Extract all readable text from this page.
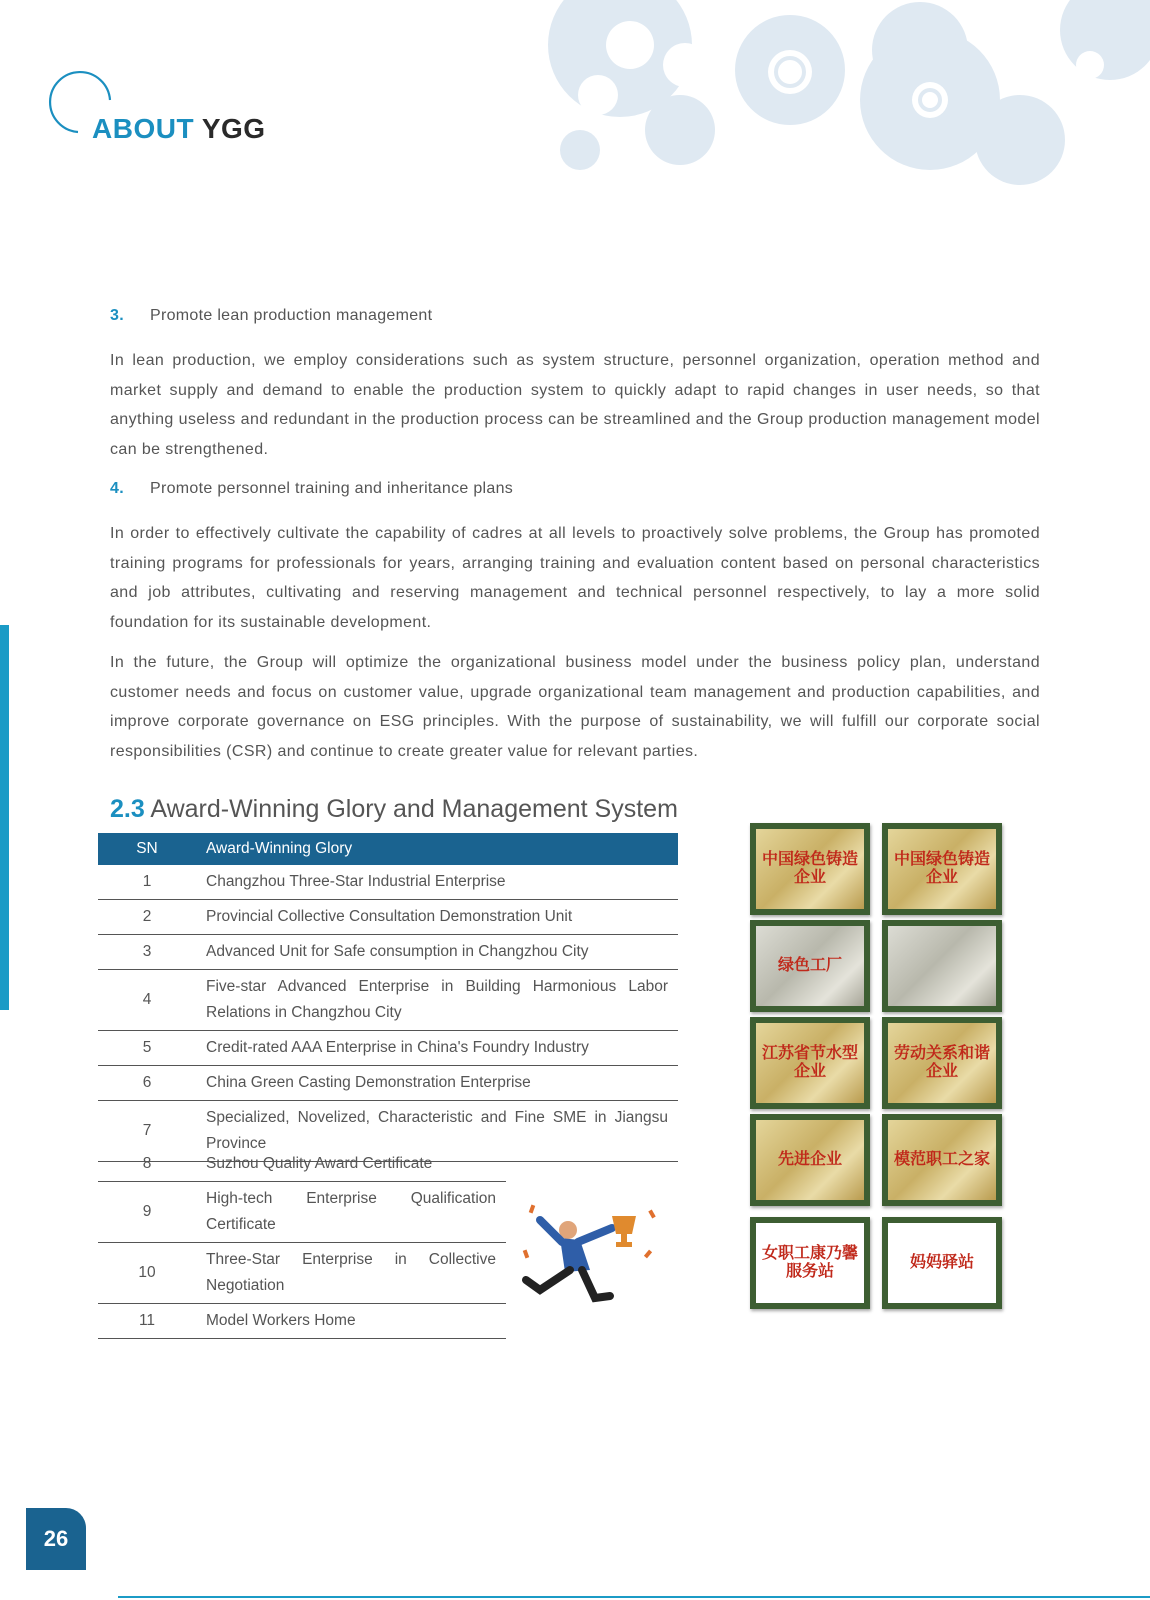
ABOUT YGG
3. Promote lean production management

In lean production, we employ considerations such as system structure, personnel organization, operation method and market supply and demand to enable the production system to quickly adapt to rapid changes in user needs, so that anything useless and redundant in the production process can be streamlined and the Group production management model can be strengthened.

4. Promote personnel training and inheritance plans

In order to effectively cultivate the capability of cadres at all levels to proactively solve problems, the Group has promoted training programs for professionals for years, arranging training and evaluation content based on personal characteristics and job attributes, cultivating and reserving management and technical personnel respectively, to lay a more solid foundation for its sustainable development.

In the future, the Group will optimize the organizational business model under the business policy plan, understand customer needs and focus on customer value, upgrade organizational team management and production capabilities, and improve corporate governance on ESG principles. With the purpose of sustainability, we will fulfill our corporate social responsibilities (CSR) and continue to create greater value for relevant parties.

2.3 Award-Winning Glory and Management System
SN	Award-Winning Glory
1	Changzhou Three-Star Industrial Enterprise
2	Provincial Collective Consultation Demonstration Unit
3	Advanced Unit for Safe consumption in Changzhou City
4	Five-star Advanced Enterprise in Building Harmonious Labor Relations in Changzhou City
5	Credit-rated AAA Enterprise in China's Foundry Industry
6	China Green Casting Demonstration Enterprise
7	Specialized, Novelized, Characteristic and Fine SME in Jiangsu Province
8	Suzhou Quality Award Certificate
9	High-tech Enterprise Qualification Certificate
10	Three-Star Enterprise in Collective Negotiation
11	Model Workers Home
中国绿色铸造企业
中国绿色铸造企业
绿色工厂
江苏省节水型企业
劳动关系和谐企业
先进企业	模范职工之家
女职工康乃馨服务站
妈妈驿站
26
